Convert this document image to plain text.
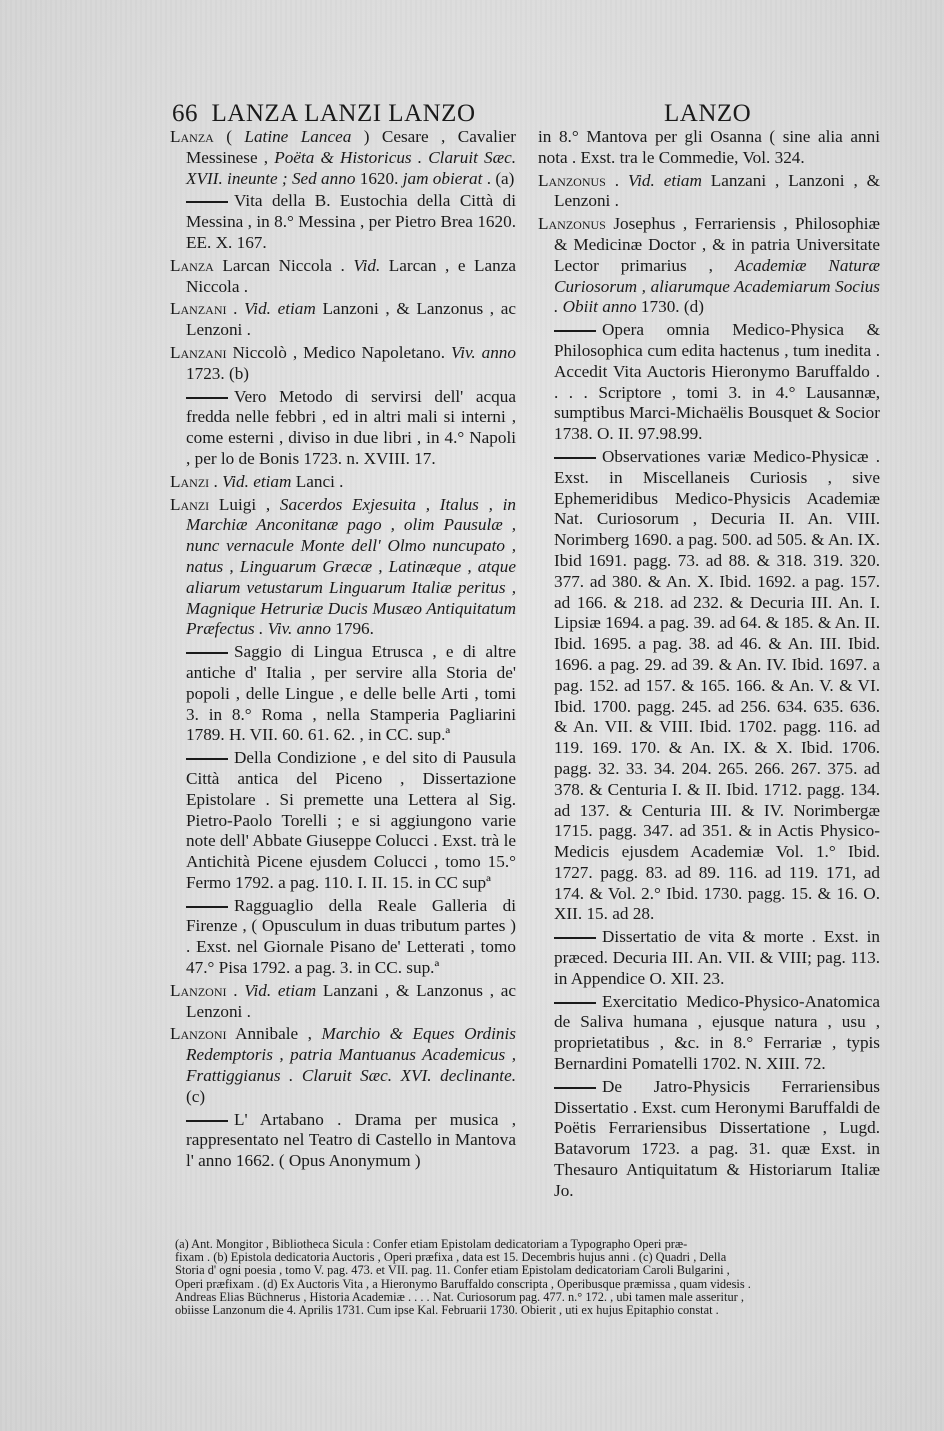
66 LANZA LANZI LANZO	LANZO
Lanza ( Latine Lancea ) Cesare , Cavalier Messinese , Poëta & Historicus . Claruit Sæc. XVII. ineunte ; Sed anno 1620. jam obierat . (a)
Vita della B. Eustochia della Città di Messina , in 8.° Messina , per Pietro Brea 1620. EE. X. 167.
Lanza Larcan Niccola . Vid. Larcan , e Lanza Niccola .
Lanzani . Vid. etiam Lanzoni , & Lanzonus , ac Lenzoni .
Lanzani Niccolò , Medico Napoletano. Viv. anno 1723. (b)
Vero Metodo di servirsi dell' acqua fredda nelle febbri , ed in altri mali si interni , come esterni , diviso in due libri , in 4.° Napoli , per lo de Bonis 1723. n. XVIII. 17.
Lanzi . Vid. etiam Lanci .
Lanzi Luigi , Sacerdos Exjesuita , Italus , in Marchiæ Anconitanæ pago , olim Pausulæ , nunc vernacule Monte dell' Olmo nuncupato , natus , Linguarum Græcæ , Latinæque , atque aliarum vetustarum Linguarum Italiæ peritus , Magnique Hetruriæ Ducis Musæo Antiquitatum Præfectus . Viv. anno 1796.
Saggio di Lingua Etrusca , e di altre antiche d' Italia , per servire alla Storia de' popoli , delle Lingue , e delle belle Arti , tomi 3. in 8.° Roma , nella Stamperia Pagliarini 1789. H. VII. 60. 61. 62. , in CC. sup.ª
Della Condizione , e del sito di Pausula Città antica del Piceno , Dissertazione Epistolare . Si premette una Lettera al Sig. Pietro-Paolo Torelli ; e si aggiungono varie note dell' Abbate Giuseppe Colucci . Exst. trà le Antichità Picene ejusdem Colucci , tomo 15.° Fermo 1792. a pag. 110. I. II. 15. in CC supª
Ragguaglio della Reale Galleria di Firenze , ( Opusculum in duas tributum partes ) . Exst. nel Giornale Pisano de' Letterati , tomo 47.° Pisa 1792. a pag. 3. in CC. sup.ª
Lanzoni . Vid. etiam Lanzani , & Lanzonus , ac Lenzoni .
Lanzoni Annibale , Marchio & Eques Ordinis Redemptoris , patria Mantuanus Academicus , Frattiggianus . Claruit Sæc. XVI. declinante. (c)
L' Artabano . Drama per musica , rappresentato nel Teatro di Castello in Mantova l' anno 1662. ( Opus Anonymum )
in 8.° Mantova per gli Osanna ( sine alia anni nota . Exst. tra le Commedie, Vol. 324.
Lanzonus . Vid. etiam Lanzani , Lanzoni , & Lenzoni .
Lanzonus Josephus , Ferrariensis , Philosophiæ & Medicinæ Doctor , & in patria Universitate Lector primarius , Academiæ Naturæ Curiosorum , aliarumque Academiarum Socius . Obiit anno 1730. (d)
Opera omnia Medico-Physica & Philosophica cum edita hactenus , tum inedita . Accedit Vita Auctoris Hieronymo Baruffaldo . . . . Scriptore , tomi 3. in 4.° Lausannæ, sumptibus Marci-Michaëlis Bousquet & Socior 1738. O. II. 97.98.99.
Observationes variæ Medico-Physicæ . Exst. in Miscellaneis Curiosis , sive Ephemeridibus Medico-Physicis Academiæ Nat. Curiosorum , Decuria II. An. VIII. Norimberg 1690. a pag. 500. ad 505. & An. IX. Ibid 1691. pagg. 73. ad 88. & 318. 319. 320. 377. ad 380. & An. X. Ibid. 1692. a pag. 157. ad 166. & 218. ad 232. & Decuria III. An. I. Lipsiæ 1694. a pag. 39. ad 64. & 185. & An. II. Ibid. 1695. a pag. 38. ad 46. & An. III. Ibid. 1696. a pag. 29. ad 39. & An. IV. Ibid. 1697. a pag. 152. ad 157. & 165. 166. & An. V. & VI. Ibid. 1700. pagg. 245. ad 256. 634. 635. 636. & An. VII. & VIII. Ibid. 1702. pagg. 116. ad 119. 169. 170. & An. IX. & X. Ibid. 1706. pagg. 32. 33. 34. 204. 265. 266. 267. 375. ad 378. & Centuria I. & II. Ibid. 1712. pagg. 134. ad 137. & Centuria III. & IV. Norimbergæ 1715. pagg. 347. ad 351. & in Actis Physico-Medicis ejusdem Academiæ Vol. 1.° Ibid. 1727. pagg. 83. ad 89. 116. ad 119. 171, ad 174. & Vol. 2.° Ibid. 1730. pagg. 15. & 16. O. XII. 15. ad 28.
Dissertatio de vita & morte . Exst. in præced. Decuria III. An. VII. & VIII; pag. 113. in Appendice O. XII. 23.
Exercitatio Medico-Physico-Anatomica de Saliva humana , ejusque natura , usu , proprietatibus , &c. in 8.° Ferrariæ , typis Bernardini Pomatelli 1702. N. XIII. 72.
De Jatro-Physicis Ferrariensibus Dissertatio . Exst. cum Heronymi Baruffaldi de Poëtis Ferrariensibus Dissertatione , Lugd. Batavorum 1723. a pag. 31. quæ Exst. in Thesauro Antiquitatum & Historiarum Italiæ Jo.
(a) Ant. Mongitor , Bibliotheca Sicula : Confer etiam Epistolam dedicatoriam a Typographo Operi præ-
fixam . (b) Epistola dedicatoria Auctoris , Operi præfixa , data est 15. Decembris hujus anni . (c) Quadri , Della
Storia d' ogni poesia , tomo V. pag. 473. et VII. pag. 11. Confer etiam Epistolam dedicatoriam Caroli Bulgarini ,
Operi præfixam . (d) Ex Auctoris Vita , a Hieronymo Baruffaldo conscripta , Operibusque præmissa , quam videsis .
Andreas Elias Büchnerus , Historia Academiæ . . . . Nat. Curiosorum pag. 477. n.° 172. , ubi tamen male asseritur ,
obiisse Lanzonum die 4. Aprilis 1731. Cum ipse Kal. Februarii 1730. Obierit , uti ex hujus Epitaphio constat .
